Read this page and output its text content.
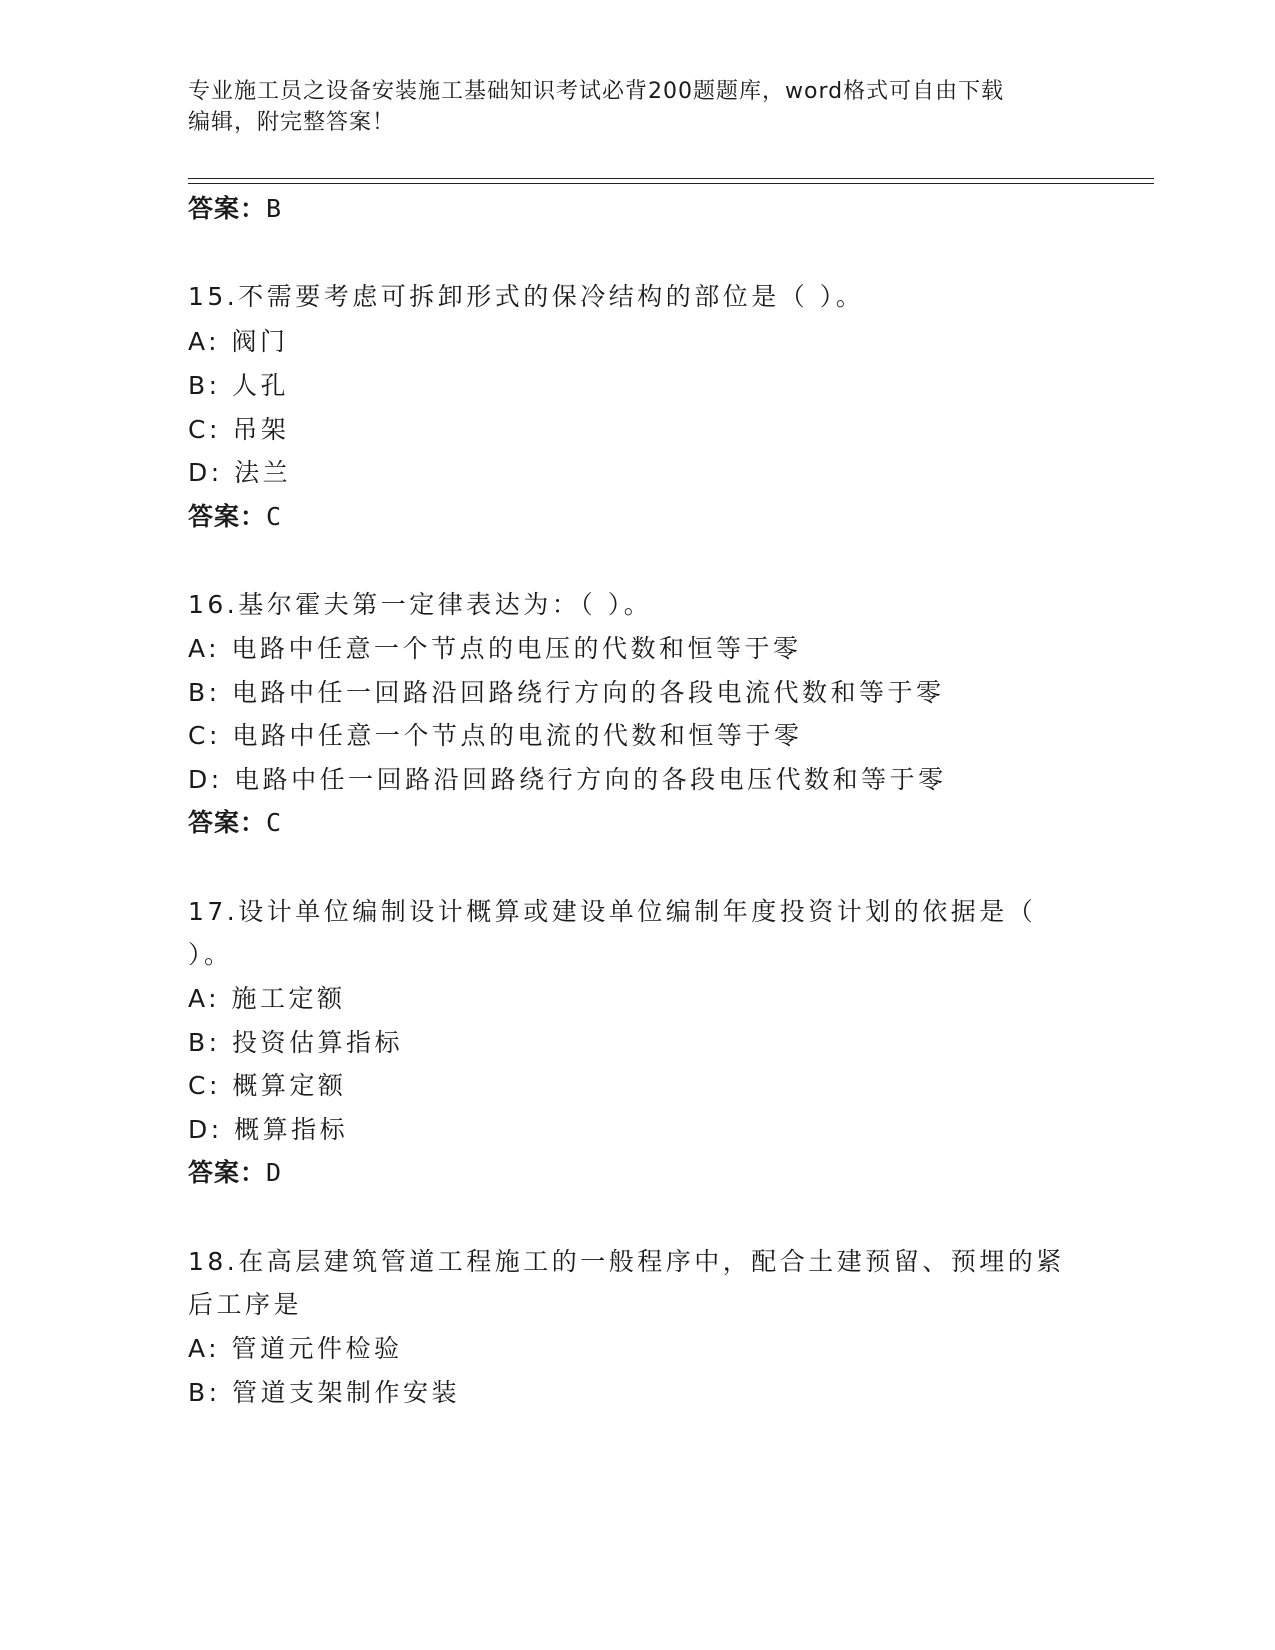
专业施工员之设备安装施工基础知识考试必背200题题库，word格式可自由下载
编辑，附完整答案！
答案：B
15.不需要考虑可拆卸形式的保冷结构的部位是（ ）。
A: 阀门
B: 人孔
C: 吊架
D: 法兰
答案：C
16.基尔霍夫第一定律表达为：（ ）。
A: 电路中任意一个节点的电压的代数和恒等于零
B: 电路中任一回路沿回路绕行方向的各段电流代数和等于零
C: 电路中任意一个节点的电流的代数和恒等于零
D: 电路中任一回路沿回路绕行方向的各段电压代数和等于零
答案：C
17.设计单位编制设计概算或建设单位编制年度投资计划的依据是（
）。
A: 施工定额
B: 投资估算指标
C: 概算定额
D: 概算指标
答案：D
18.在高层建筑管道工程施工的一般程序中，配合土建预留、预埋的紧
后工序是
A: 管道元件检验
B: 管道支架制作安装
